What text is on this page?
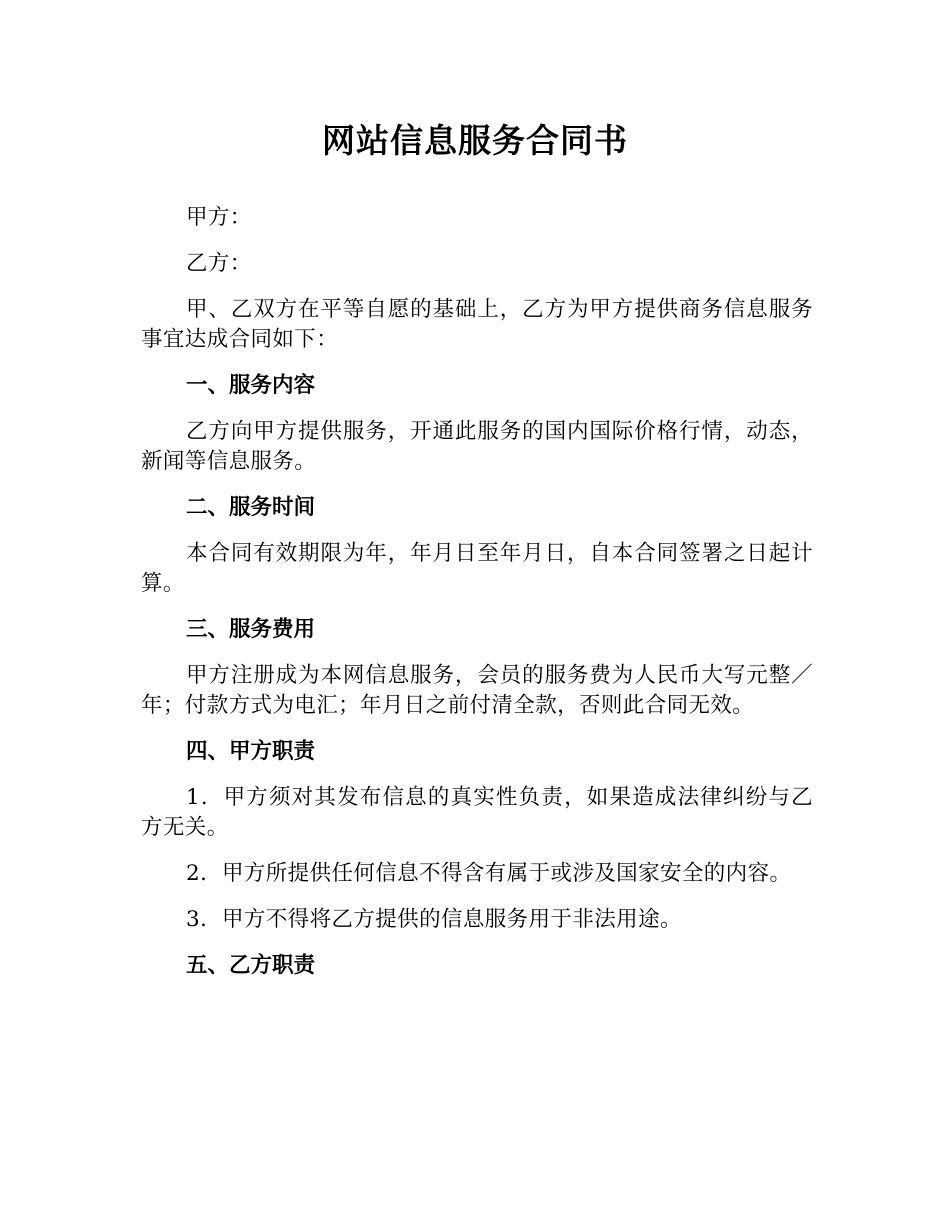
网站信息服务合同书

甲方：

乙方：

甲、乙双方在平等自愿的基础上，乙方为甲方提供商务信息服务事宜达成合同如下：

一、服务内容

乙方向甲方提供服务，开通此服务的国内国际价格行情，动态，新闻等信息服务。

二、服务时间

本合同有效期限为年，年月日至年月日，自本合同签署之日起计算。

三、服务费用

甲方注册成为本网信息服务，会员的服务费为人民币大写元整／年；付款方式为电汇；年月日之前付清全款，否则此合同无效。

四、甲方职责

1．甲方须对其发布信息的真实性负责，如果造成法律纠纷与乙方无关。

2．甲方所提供任何信息不得含有属于或涉及国家安全的内容。

3．甲方不得将乙方提供的信息服务用于非法用途。

五、乙方职责
